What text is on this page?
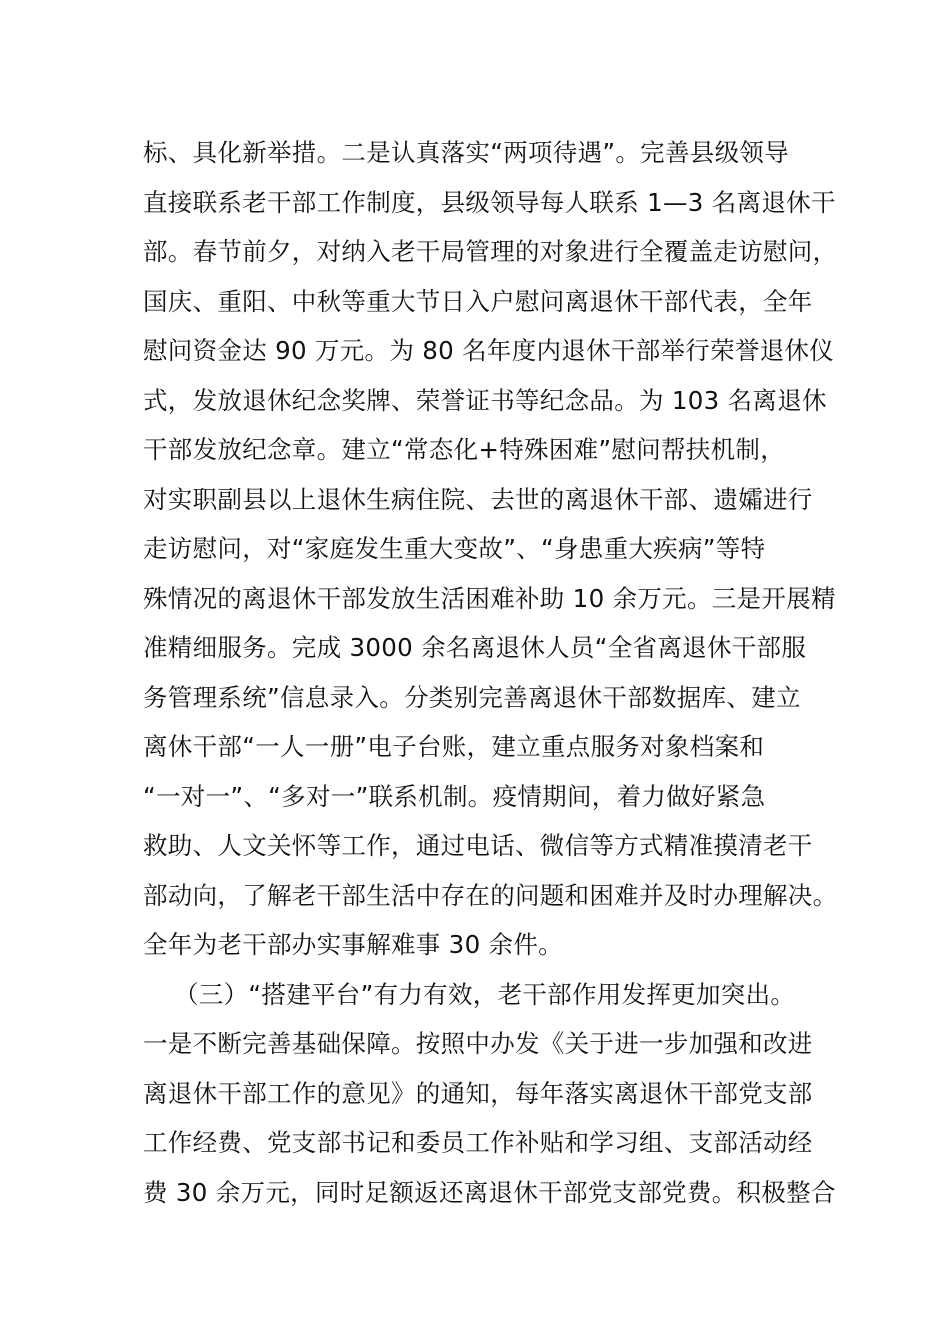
标、具化新举措。二是认真落实“两项待遇”。完善县级领导
直接联系老干部工作制度，县级领导每人联系 1—3 名离退休干
部。春节前夕，对纳入老干局管理的对象进行全覆盖走访慰问，
国庆、重阳、中秋等重大节日入户慰问离退休干部代表，全年
慰问资金达 90 万元。为 80 名年度内退休干部举行荣誉退休仪
式，发放退休纪念奖牌、荣誉证书等纪念品。为 103 名离退休
干部发放纪念章。建立“常态化+特殊困难”慰问帮扶机制，
对实职副县以上退休生病住院、去世的离退休干部、遗孀进行
走访慰问，对“家庭发生重大变故”、“身患重大疾病”等特
殊情况的离退休干部发放生活困难补助 10 余万元。三是开展精
准精细服务。完成 3000 余名离退休人员“全省离退休干部服
务管理系统”信息录入。分类别完善离退休干部数据库、建立
离休干部“一人一册”电子台账，建立重点服务对象档案和
“一对一”、“多对一”联系机制。疫情期间，着力做好紧急
救助、人文关怀等工作，通过电话、微信等方式精准摸清老干
部动向，了解老干部生活中存在的问题和困难并及时办理解决。
全年为老干部办实事解难事 30 余件。
（三）“搭建平台”有力有效，老干部作用发挥更加突出。
一是不断完善基础保障。按照中办发《关于进一步加强和改进
离退休干部工作的意见》的通知，每年落实离退休干部党支部
工作经费、党支部书记和委员工作补贴和学习组、支部活动经
费 30 余万元，同时足额返还离退休干部党支部党费。积极整合
